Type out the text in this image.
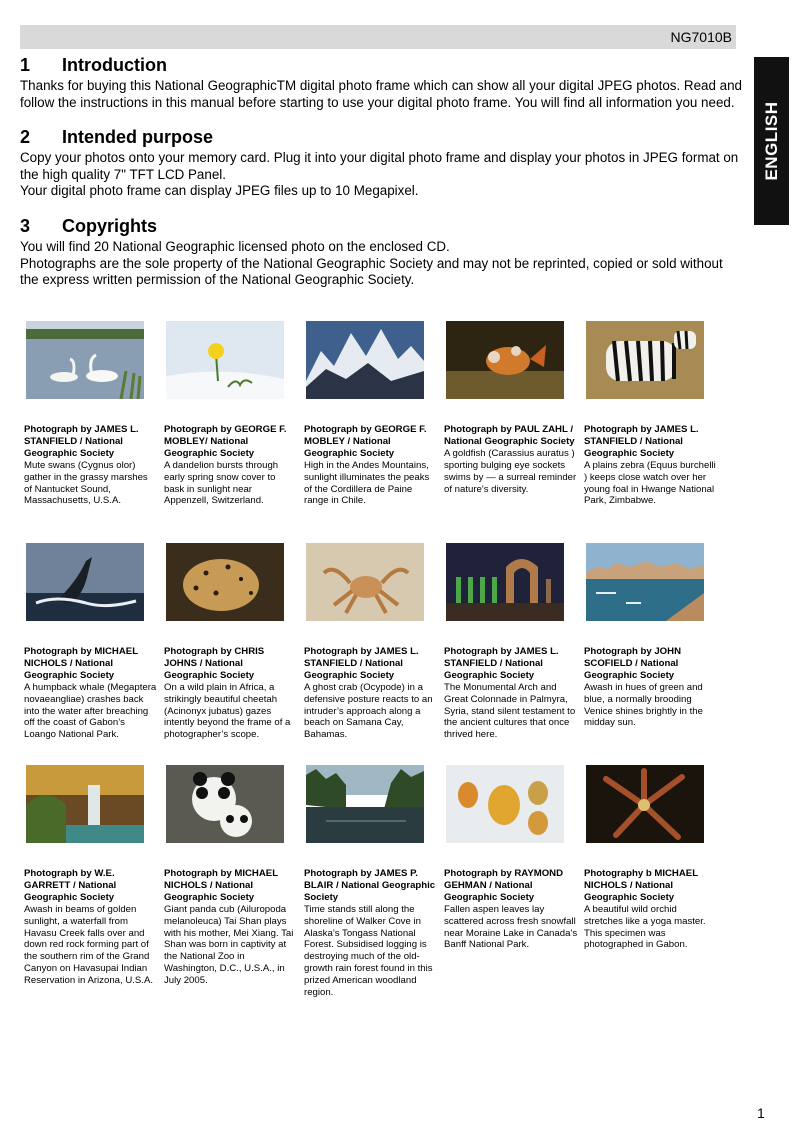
NG7010B
ENGLISH
1	Introduction

Thanks for buying this National GeographicTM digital photo frame which can show all your digital JPEG photos. Read and follow the instructions in this manual before starting to use your digital photo frame. You will find all information you need.

2	Intended purpose

Copy your photos onto your memory card. Plug it into your digital photo frame and display your photos in JPEG format on the high quality 7" TFT LCD Panel.

Your digital photo frame can display JPEG files up to 10 Megapixel.

3	Copyrights

You will find 20 National Geographic licensed photo on the enclosed CD.

Photographs are the sole property of the National Geographic Society and may not be reprinted, copied or sold without the express written permission of the National Geographic Society.

Photograph by JAMES L. STANFIELD / National Geographic Society
Mute swans (Cygnus olor) gather in the grassy marshes of Nantucket Sound, Massachusetts, U.S.A.
Photograph by GEORGE F. MOBLEY/ National Geographic Society
A dandelion bursts through early spring snow cover to bask in sunlight near Appenzell, Switzerland.
Photograph by GEORGE F. MOBLEY / National Geographic Society
High in the Andes Mountains, sunlight illuminates the peaks of the Cordillera de Paine range in Chile.
Photograph by PAUL ZAHL / National Geographic Society
A goldfish (Carassius auratus ) sporting bulging eye sockets swims by — a surreal reminder of nature's diversity.
Photograph by JAMES L. STANFIELD / National Geographic Society
A plains zebra (Equus burchelli ) keeps close watch over her young foal in Hwange National Park, Zimbabwe.
Photograph by MICHAEL NICHOLS / National Geographic Society
A humpback whale (Megaptera novaeangliae) crashes back into the water after breaching off the coast of Gabon’s Loango National Park.
Photograph by CHRIS JOHNS / National Geographic Society
On a wild plain in Africa, a strikingly beautiful cheetah (Acinonyx jubatus) gazes intently beyond the frame of a photographer’s scope.
Photograph by JAMES L. STANFIELD / National Geographic Society
A ghost crab (Ocypode) in a defensive posture reacts to an intruder’s approach along a beach on Samana Cay, Bahamas.
Photograph by JAMES L. STANFIELD / National Geographic Society
The Monumental Arch and Great Colonnade in Palmyra, Syria, stand silent testament to the ancient cultures that once thrived here.
Photograph by JOHN SCOFIELD / National Geographic Society
Awash in hues of green and blue, a normally brooding Venice shines brightly in the midday sun.
Photograph by W.E. GARRETT / National Geographic Society
Awash in beams of golden sunlight, a waterfall from Havasu Creek falls over and down red rock forming part of the southern rim of the Grand Canyon on Havasupai Indian Reservation in Arizona, U.S.A.
Photograph by MICHAEL NICHOLS / National Geographic Society
Giant panda cub (Ailuropoda melanoleuca) Tai Shan plays with his mother, Mei Xiang. Tai Shan was born in captivity at the National Zoo in Washington, D.C., U.S.A., in July 2005.
Photograph by JAMES P. BLAIR / National Geographic Society
Time stands still along the shoreline of Walker Cove in Alaska’s Tongass National Forest. Subsidised logging is destroying much of the old-growth rain forest found in this prized American woodland region.
Photograph by RAYMOND GEHMAN / National Geographic Society
Fallen aspen leaves lay scattered across fresh snowfall near Moraine Lake in Canada’s Banff National Park.
Photography b MICHAEL NICHOLS / National Geographic Society
A beautiful wild orchid stretches like a yoga master. This specimen was photographed in Gabon.
1
